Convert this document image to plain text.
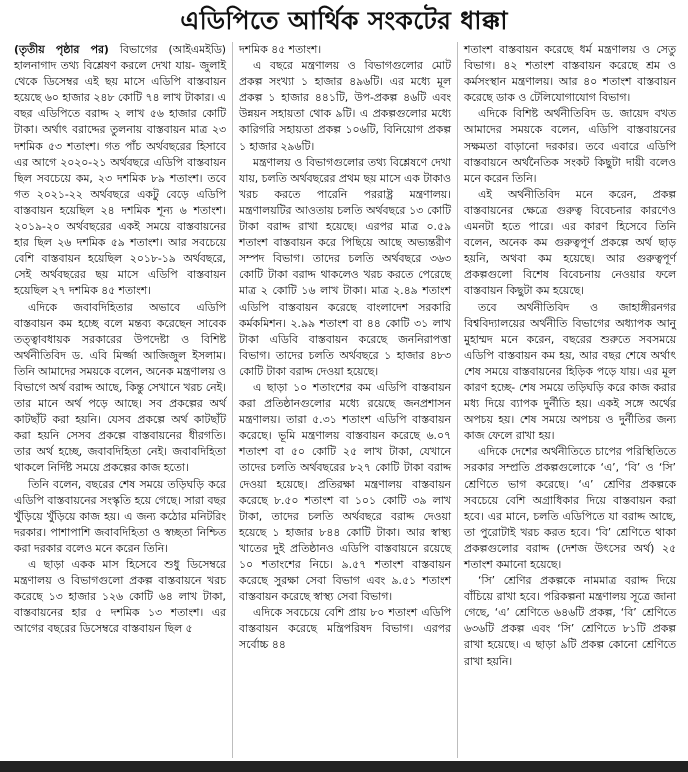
এডিপিতে আর্থিক সংকটের ধাক্কা

(তৃতীয় পৃষ্ঠার পর) বিভাগের (আইএমইডি) হালনাগাদ তথ্য বিশ্লেষণ করলে দেখা যায়- জুলাই থেকে ডিসেম্বর এই ছয় মাসে এডিপি বাস্তবায়ন হয়েছে ৬০ হাজার ২৪৮ কোটি ৭৪ লাখ টাকার। এ বছর এডিপিতে বরাদ্দ ২ লাখ ৫৬ হাজার কোটি টাকা। অর্থাৎ বরাদ্দের তুলনায় বাস্তবায়ন মাত্র ২৩ দশমিক ৫৩ শতাংশ। গত পাঁচ অর্থবছরের হিসাবে এর আগে ২০২০-২১ অর্থবছরে এডিপি বাস্তবায়ন ছিল সবচেয়ে কম, ২৩ দশমিক ৮৯ শতাংশ। তবে গত ২০২১-২২ অর্থবছরে একটু বেড়ে এডিপি বাস্তবায়ন হয়েছিল ২৪ দশমিক শূন্য ৬ শতাংশ। ২০১৯-২০ অর্থবছরের একই সময়ে বাস্তবায়নের হার ছিল ২৬ দশমিক ৫৯ শতাংশ। আর সবচেয়ে বেশি বাস্তবায়ন হয়েছিল ২০১৮-১৯ অর্থবছরে, সেই অর্থবছরের ছয় মাসে এডিপি বাস্তবায়ন হয়েছিল ২৭ দশমিক ৪৫ শতাংশ।

এদিকে জবাবদিহিতার অভাবে এডিপি বাস্তবায়ন কম হচ্ছে বলে মন্তব্য করেছেন সাবেক তত্ত্বাবধায়ক সরকারের উপদেষ্টা ও বিশিষ্ট অর্থনীতিবিদ ড. এবি মির্জ্জা আজিজুল ইসলাম। তিনি আমাদের সময়কে বলেন, অনেক মন্ত্রণালয় ও বিভাগে অর্থ বরাদ্দ আছে, কিন্তু সেখানে খরচ নেই। তার মানে অর্থ পড়ে আছে। সব প্রকল্পের অর্থ কাটছাঁট করা হয়নি। যেসব প্রকল্পে অর্থ কাটছাঁট করা হয়নি সেসব প্রকল্পে বাস্তবায়নের ধীরগতি। তার অর্থ হচ্ছে, জবাবদিহিতা নেই। জবাবদিহিতা থাকলে নির্দিষ্ট সময়ে প্রকল্পের কাজ হতো।

তিনি বলেন, বছরের শেষ সময়ে তড়িঘড়ি করে এডিপি বাস্তবায়নের সংস্কৃতি হয়ে গেছে। সারা বছর খুঁড়িয়ে খুঁড়িয়ে কাজ হয়। এ জন্য কঠোর মনিটরিং দরকার। পাশাপাশি জবাবদিহিতা ও স্বচ্ছতা নিশ্চিত করা দরকার বলেও মনে করেন তিনি।

এ ছাড়া একক মাস হিসেবে শুধু ডিসেম্বরে মন্ত্রণালয় ও বিভাগগুলো প্রকল্প বাস্তবায়নে খরচ করেছে ১৩ হাজার ১২৬ কোটি ৬৪ লাখ টাকা, বাস্তবায়নের হার ৫ দশমিক ১৩ শতাংশ। এর আগের বছরের ডিসেম্বরে বাস্তবায়ন ছিল ৫

দশমিক ৪৫ শতাংশ।

এ বছরে মন্ত্রণালয় ও বিভাগগুলোর মোট প্রকল্প সংখ্যা ১ হাজার ৪৯৬টি। এর মধ্যে মূল প্রকল্প ১ হাজার ৪৪১টি, উপ-প্রকল্প ৪৬টি এবং উন্নয়ন সহায়তা থোক ৯টি। এ প্রকল্পগুলোর মধ্যে কারিগরি সহায়তা প্রকল্প ১০৬টি, বিনিয়োগ প্রকল্প ১ হাজার ২৯৬টি।

মন্ত্রণালয় ও বিভাগগুলোর তথ্য বিশ্লেষণে দেখা যায়, চলতি অর্থবছরের প্রথম ছয় মাসে এক টাকাও খরচ করতে পারেনি পররাষ্ট্র মন্ত্রণালয়। মন্ত্রণালয়টির আওতায় চলতি অর্থবছরে ১৩ কোটি টাকা বরাদ্দ রাখা হয়েছে। এরপর মাত্র ০.৫৯ শতাংশ বাস্তবায়ন করে পিছিয়ে আছে অভ্যন্তরীণ সম্পদ বিভাগ। তাদের চলতি অর্থবছরে ৩৬৩ কোটি টাকা বরাদ্দ থাকলেও খরচ করতে পেরেছে মাত্র ২ কোটি ১৬ লাখ টাকা। মাত্র ২.৪৯ শতাংশ এডিপি বাস্তবায়ন করেছে বাংলাদেশ সরকারি কর্মকমিশন। ২.৯৯ শতাংশ বা ৪৪ কোটি ৩১ লাখ টাকা এডিবি বাস্তবায়ন করেছে জননিরাপত্তা বিভাগ। তাদের চলতি অর্থবছরে ১ হাজার ৪৮৩ কোটি টাকা বরাদ্দ দেওয়া হয়েছে।

এ ছাড়া ১০ শতাংশের কম এডিপি বাস্তবায়ন করা প্রতিষ্ঠানগুলোর মধ্যে রয়েছে জনপ্রশাসন মন্ত্রণালয়। তারা ৫.৩১ শতাংশ এডিপি বাস্তবায়ন করেছে। ভূমি মন্ত্রণালয় বাস্তবায়ন করেছে ৬.০৭ শতাংশ বা ৫০ কোটি ২৫ লাখ টাকা, যেখানে তাদের চলতি অর্থবছরের ৮২৭ কোটি টাকা বরাদ্দ দেওয়া হয়েছে। প্রতিরক্ষা মন্ত্রণালয় বাস্তবায়ন করেছে ৮.৫০ শতাংশ বা ১০১ কোটি ৩৯ লাখ টাকা, তাদের চলতি অর্থবছরে বরাদ্দ দেওয়া হয়েছে ১ হাজার ৮৪৪ কোটি টাকা। আর স্বাস্থ্য খাতের দুই প্রতিষ্ঠানও এডিপি বাস্তবায়নে রয়েছে ১০ শতাংশের নিচে। ৯.৫৭ শতাংশ বাস্তবায়ন করেছে সুরক্ষা সেবা বিভাগ এবং ৯.৫১ শতাংশ বাস্তবায়ন করেছে স্বাস্থ্য সেবা বিভাগ।

এদিকে সবচেয়ে বেশি প্রায় ৮০ শতাংশ এডিপি বাস্তবায়ন করেছে মন্ত্রিপরিষদ বিভাগ। এরপর সর্বোচ্চ ৪৪

শতাংশ বাস্তবায়ন করেছে ধর্ম মন্ত্রণালয় ও সেতু বিভাগ। ৪২ শতাংশ বাস্তবায়ন করেছে শ্রম ও কর্মসংস্থান মন্ত্রণালয়। আর ৪০ শতাংশ বাস্তবায়ন করেছে ডাক ও টেলিযোগাযোগ বিভাগ।

এদিকে বিশিষ্ট অর্থনীতিবিদ ড. জায়েদ বখত আমাদের সময়কে বলেন, এডিপি বাস্তবায়নের সক্ষমতা বাড়ানো দরকার। তবে এবারে এডিপি বাস্তবায়নে অর্থনৈতিক সংকট কিছুটা দায়ী বলেও মনে করেন তিনি।

এই অর্থনীতিবিদ মনে করেন, প্রকল্প বাস্তবায়নের ক্ষেত্রে গুরুত্ব বিবেচনার কারণেও এমনটা হতে পারে। এর কারণ হিসেবে তিনি বলেন, অনেক কম গুরুত্বপূর্ণ প্রকল্পে অর্থ ছাড় হয়নি, অথবা কম হয়েছে। আর গুরুত্বপূর্ণ প্রকল্পগুলো বিশেষ বিবেচনায় নেওয়ার ফলে বাস্তবায়ন কিছুটা কম হয়েছে।

তবে অর্থনীতিবিদ ও জাহাঙ্গীরনগর বিশ্ববিদ্যালয়ের অর্থনীতি বিভাগের অধ্যাপক আনু মুহাম্মদ মনে করেন, বছরের শুরুতে সবসময়ে এডিপি বাস্তবায়ন কম হয়, আর বছর শেষে অর্থাৎ শেষ সময়ে বাস্তবায়নের হিড়িক পড়ে যায়। এর মূল কারণ হচ্ছে- শেষ সময়ে তড়িঘড়ি করে কাজ করার মধ্য দিয়ে ব্যাপক দুর্নীতি হয়। একই সঙ্গে অর্থের অপচয় হয়। শেষ সময়ে অপচয় ও দুর্নীতির জন্য কাজ ফেলে রাখা হয়।

এদিকে দেশের অর্থনীতিতে চাপের পরিস্থিতিতে সরকার সম্প্রতি প্রকল্পগুলোকে ‘এ’, ‘বি’ ও ‘সি’ শ্রেণিতে ভাগ করেছে। ‘এ’ শ্রেণির প্রকল্পকে সবচেয়ে বেশি অগ্রাধিকার দিয়ে বাস্তবায়ন করা হবে। এর মানে, চলতি এডিপিতে যা বরাদ্দ আছে, তা পুরোটাই খরচ করত হবে। ‘বি’ শ্রেণিতে থাকা প্রকল্পগুলোর বরাদ্দ (দেশজ উৎসের অর্থ) ২৫ শতাংশ কমানো হয়েছে।

‘সি’ শ্রেণির প্রকল্পকে নামমাত্র বরাদ্দ দিয়ে বাঁচিয়ে রাখা হবে। পরিকল্পনা মন্ত্রণালয় সূত্রে জানা গেছে, ‘এ’ শ্রেণিতে ৬৪৬টি প্রকল্প, ‘বি’ শ্রেণিতে ৬৩৬টি প্রকল্প এবং ‘সি’ শ্রেণিতে ৮১টি প্রকল্প রাখা হয়েছে। এ ছাড়া ৯টি প্রকল্প কোনো শ্রেণিতে রাখা হয়নি।
